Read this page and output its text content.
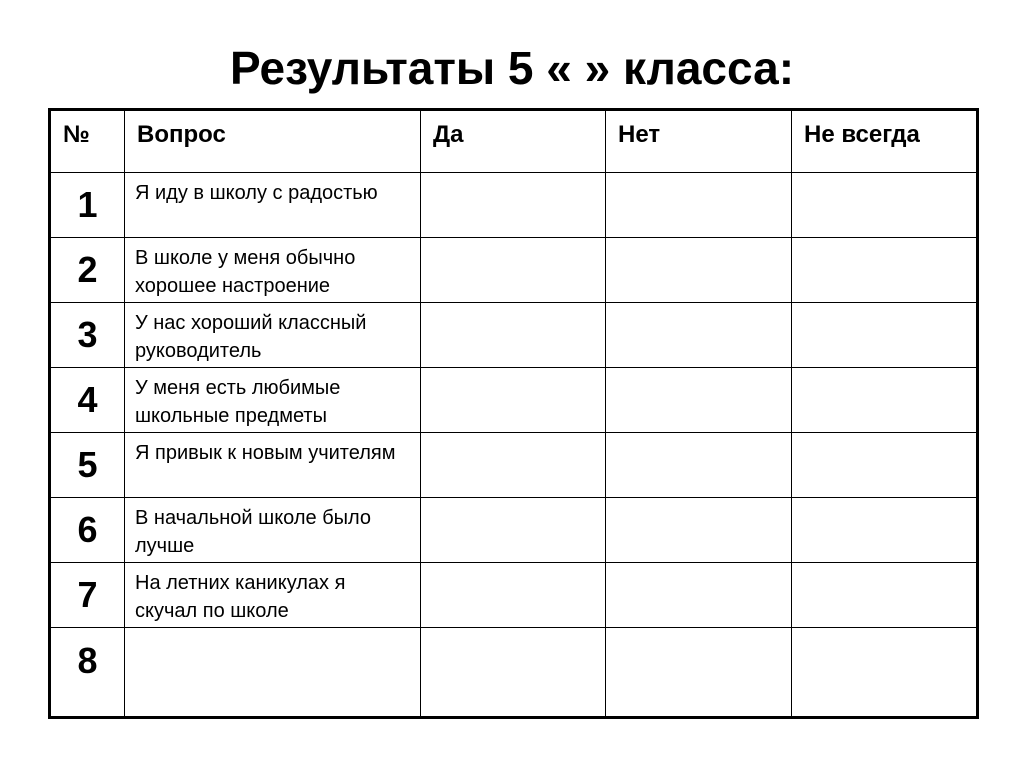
Результаты 5 « » класса:
№	Вопрос	Да	Нет	Не всегда
1	Я иду в школу с радостью			
2	В школе у меня обычно хорошее настроение			
3	У нас хороший классный руководитель			
4	У меня есть любимые школьные предметы			
5	Я привык к новым учителям			
6	В начальной школе было лучше			
7	На летних каникулах я скучал по школе			
8				
